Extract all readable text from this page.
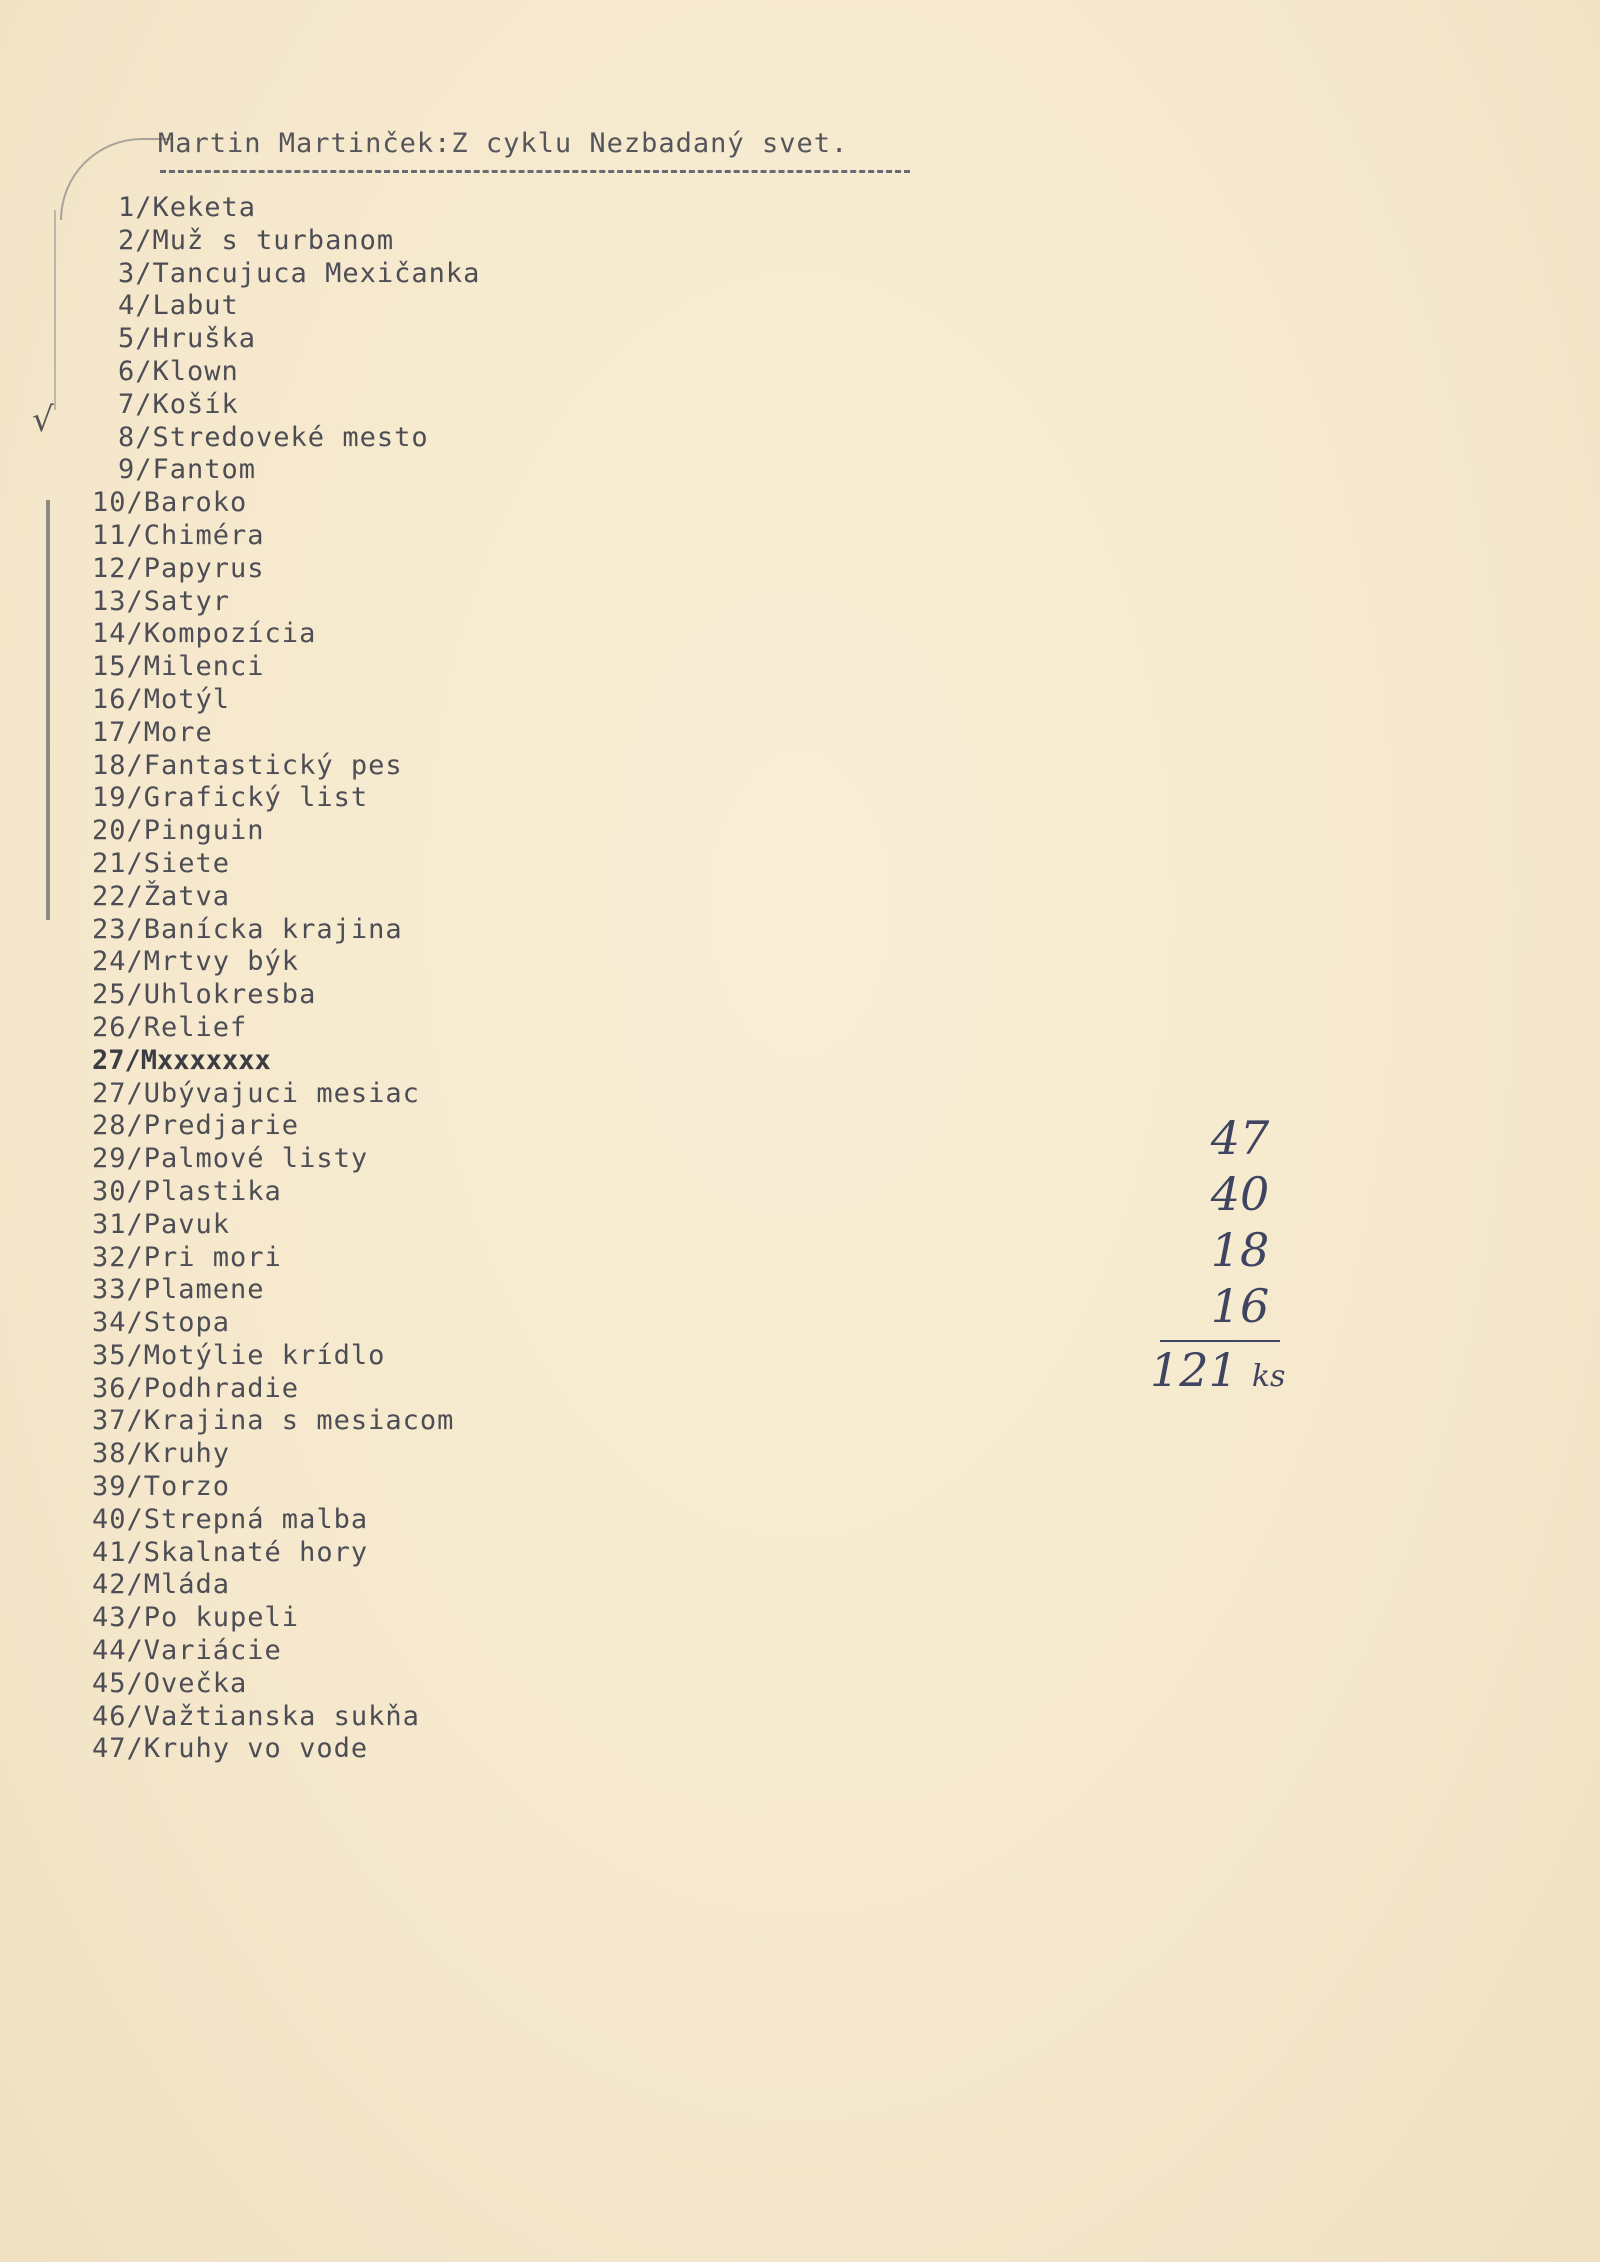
√
Martin Martinček:Z cyklu Nezbadaný svet.
1/Keketa
2/Muž s turbanom
3/Tancujuca Mexičanka
4/Labut
5/Hruška
6/Klown
7/Košík
8/Stredoveké mesto
9/Fantom
10/Baroko
11/Chiméra
12/Papyrus
13/Satyr
14/Kompozícia
15/Milenci
16/Motýl
17/More
18/Fantastický pes
19/Grafický list
20/Pinguin
21/Siete
22/Žatva
23/Banícka krajina
24/Mrtvy býk
25/Uhlokresba
26/Relief
27/Mxxxxxxx
27/Ubývajuci mesiac
28/Predjarie
29/Palmové listy
30/Plastika
31/Pavuk
32/Pri mori
33/Plamene
34/Stopa
35/Motýlie krídlo
36/Podhradie
37/Krajina s mesiacom
38/Kruhy
39/Torzo
40/Strepná malba
41/Skalnaté hory
42/Mláda
43/Po kupeli
44/Variácie
45/Ovečka
46/Važtianska sukňa
47/Kruhy vo vode
47
40
18
16
121 ks
